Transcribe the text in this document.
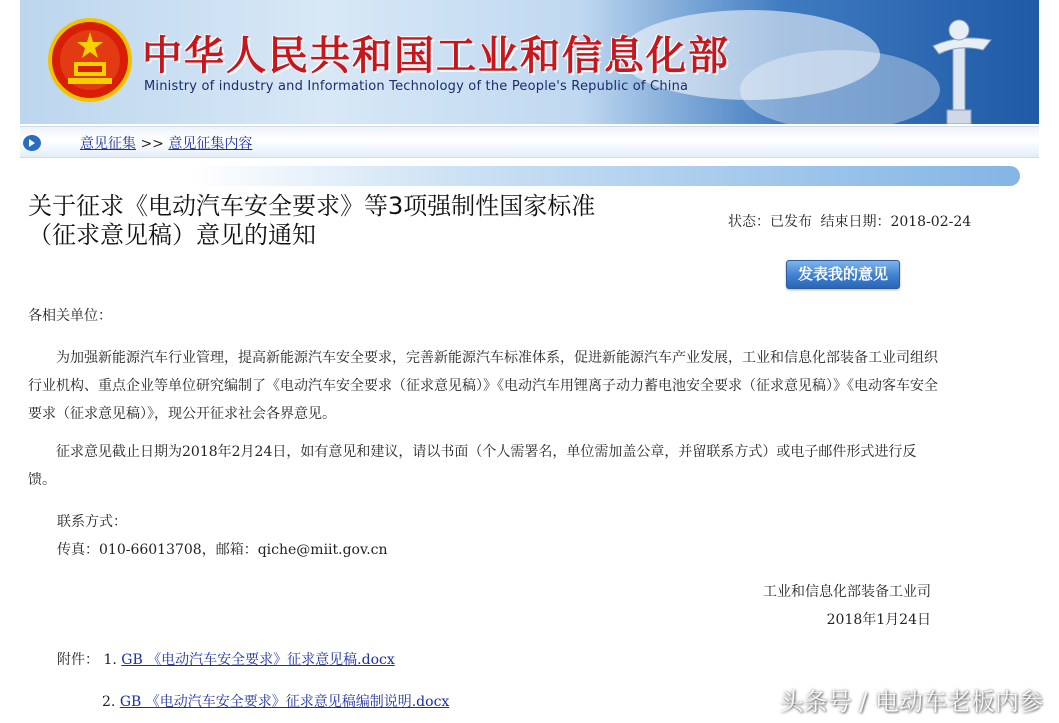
中华人民共和国工业和信息化部
Ministry of industry and Information Technology of the People's Republic of China
意见征集 >> 意见征集内容
关于征求《电动汽车安全要求》等3项强制性国家标准
（征求意见稿）意见的通知	状态：已发布 结束日期：2018-02-24
发表我的意见
各相关单位：
为加强新能源汽车行业管理，提高新能源汽车安全要求，完善新能源汽车标准体系，促进新能源汽车产业发展，工业和信息化部装备工业司组织行业机构、重点企业等单位研究编制了《电动汽车安全要求（征求意见稿）》《电动汽车用锂离子动力蓄电池安全要求（征求意见稿）》《电动客车安全要求（征求意见稿）》，现公开征求社会各界意见。
征求意见截止日期为2018年2月24日，如有意见和建议，请以书面（个人需署名，单位需加盖公章，并留联系方式）或电子邮件形式进行反馈。
联系方式：
传真：010-66013708，邮箱：qiche@miit.gov.cn
工业和信息化部装备工业司
2018年1月24日
附件： 1. GB 《电动汽车安全要求》征求意见稿.docx
2. GB 《电动汽车安全要求》征求意见稿编制说明.docx	头条号 / 电动车老板内参
